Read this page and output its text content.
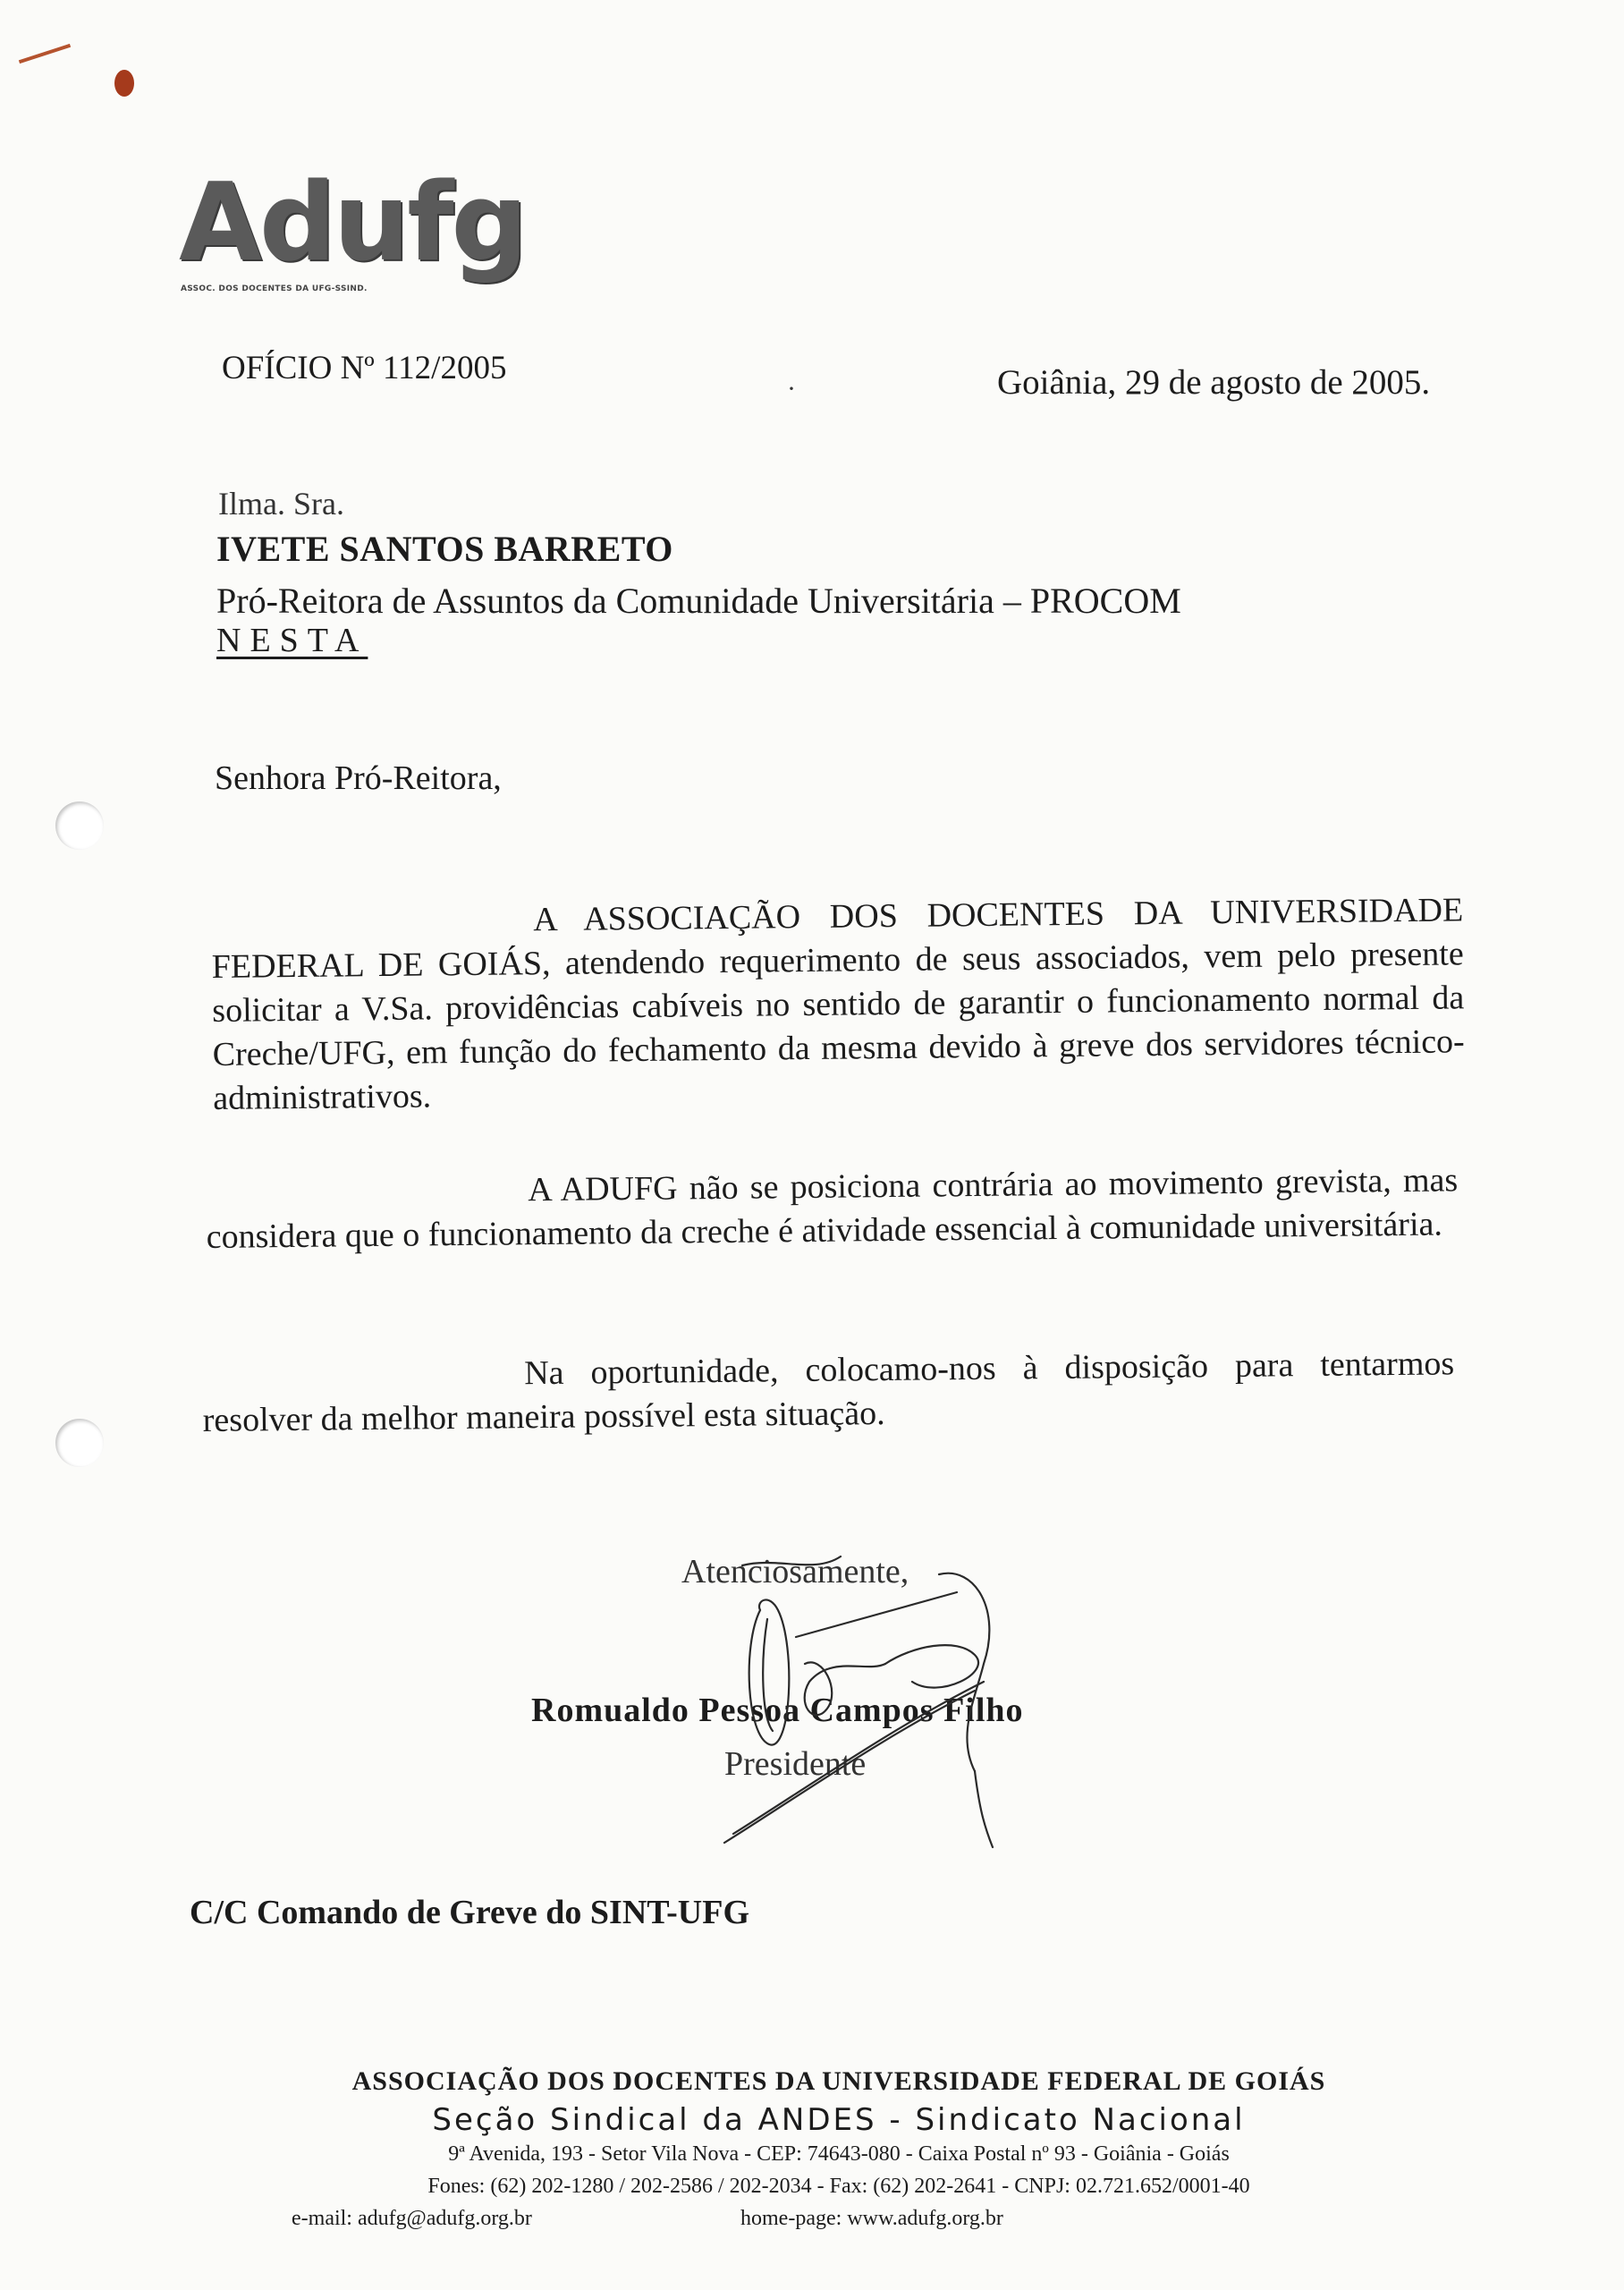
Adufg
ASSOC. DOS DOCENTES DA UFG-SSIND.
OFÍCIO Nº 112/2005
·	Goiânia, 29 de agosto de 2005.
Ilma. Sra.
IVETE SANTOS BARRETO
Pró-Reitora de Assuntos da Comunidade Universitária – PROCOM
NESTA
Senhora Pró-Reitora,
A ASSOCIAÇÃO DOS DOCENTES DA UNIVERSIDADE FEDERAL DE GOIÁS, atendendo requerimento de seus associados, vem pelo presente solicitar a V.Sa. providências cabíveis no sentido de garantir o funcionamento normal da Creche/UFG, em função do fechamento da mesma devido à greve dos servidores técnico-administrativos.
A ADUFG não se posiciona contrária ao movimento grevista, mas considera que o funcionamento da creche é atividade essencial à comunidade universitária.
Na oportunidade, colocamo-nos à disposição para tentarmos resolver da melhor maneira possível esta situação.
Atenciosamente,
Romualdo Pessoa Campos Filho
Presidente
C/C Comando de Greve do SINT-UFG
ASSOCIAÇÃO DOS DOCENTES DA UNIVERSIDADE FEDERAL DE GOIÁS
Seção Sindical da ANDES - Sindicato Nacional
9ª Avenida, 193 - Setor Vila Nova - CEP: 74643-080 - Caixa Postal nº 93 - Goiânia - Goiás
Fones: (62) 202-1280 / 202-2586 / 202-2034 - Fax: (62) 202-2641 - CNPJ: 02.721.652/0001-40
e-mail: adufg@adufg.org.br	home-page: www.adufg.org.br
